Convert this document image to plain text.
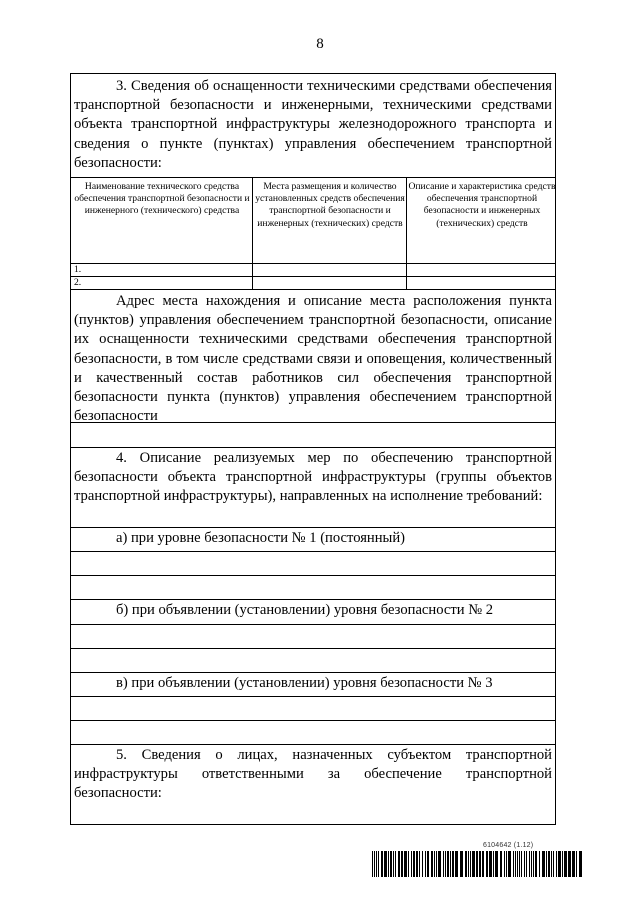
8
3. Сведения об оснащенности техническими средствами обеспечения транспортной безопасности и инженерными, техническими средствами объекта транспортной инфраструктуры железнодорожного транспорта и сведения о пункте (пунктах) управления обеспечением транспортной безопасности:
Наименование технического средства обеспечения транспортной безопасности и инженерного (технического) средства
Места размещения и количество установленных средств обеспечения транспортной безопасности и инженерных (технических) средств
Описание и характеристика средств обеспечения транспортной безопасности и инженерных (технических) средств
1.
2.
Адрес места нахождения и описание места расположения пункта (пунктов) управления обеспечением транспортной безопасности, описание их оснащенности техническими средствами обеспечения транспортной безопасности, в том числе средствами связи и оповещения, количественный и качественный состав работников сил обеспечения транспортной безопасности пункта (пунктов) управления обеспечением транспортной безопасности
4. Описание реализуемых мер по обеспечению транспортной безопасности объекта транспортной инфраструктуры (группы объектов транспортной инфраструктуры), направленных на исполнение требований:
а) при уровне безопасности № 1 (постоянный)
б) при объявлении (установлении) уровня безопасности № 2
в) при объявлении (установлении) уровня безопасности № 3
5. Сведения о лицах, назначенных субъектом транспортной инфраструктуры ответственными за обеспечение транспортной безопасности:
6104642 (1.12)
